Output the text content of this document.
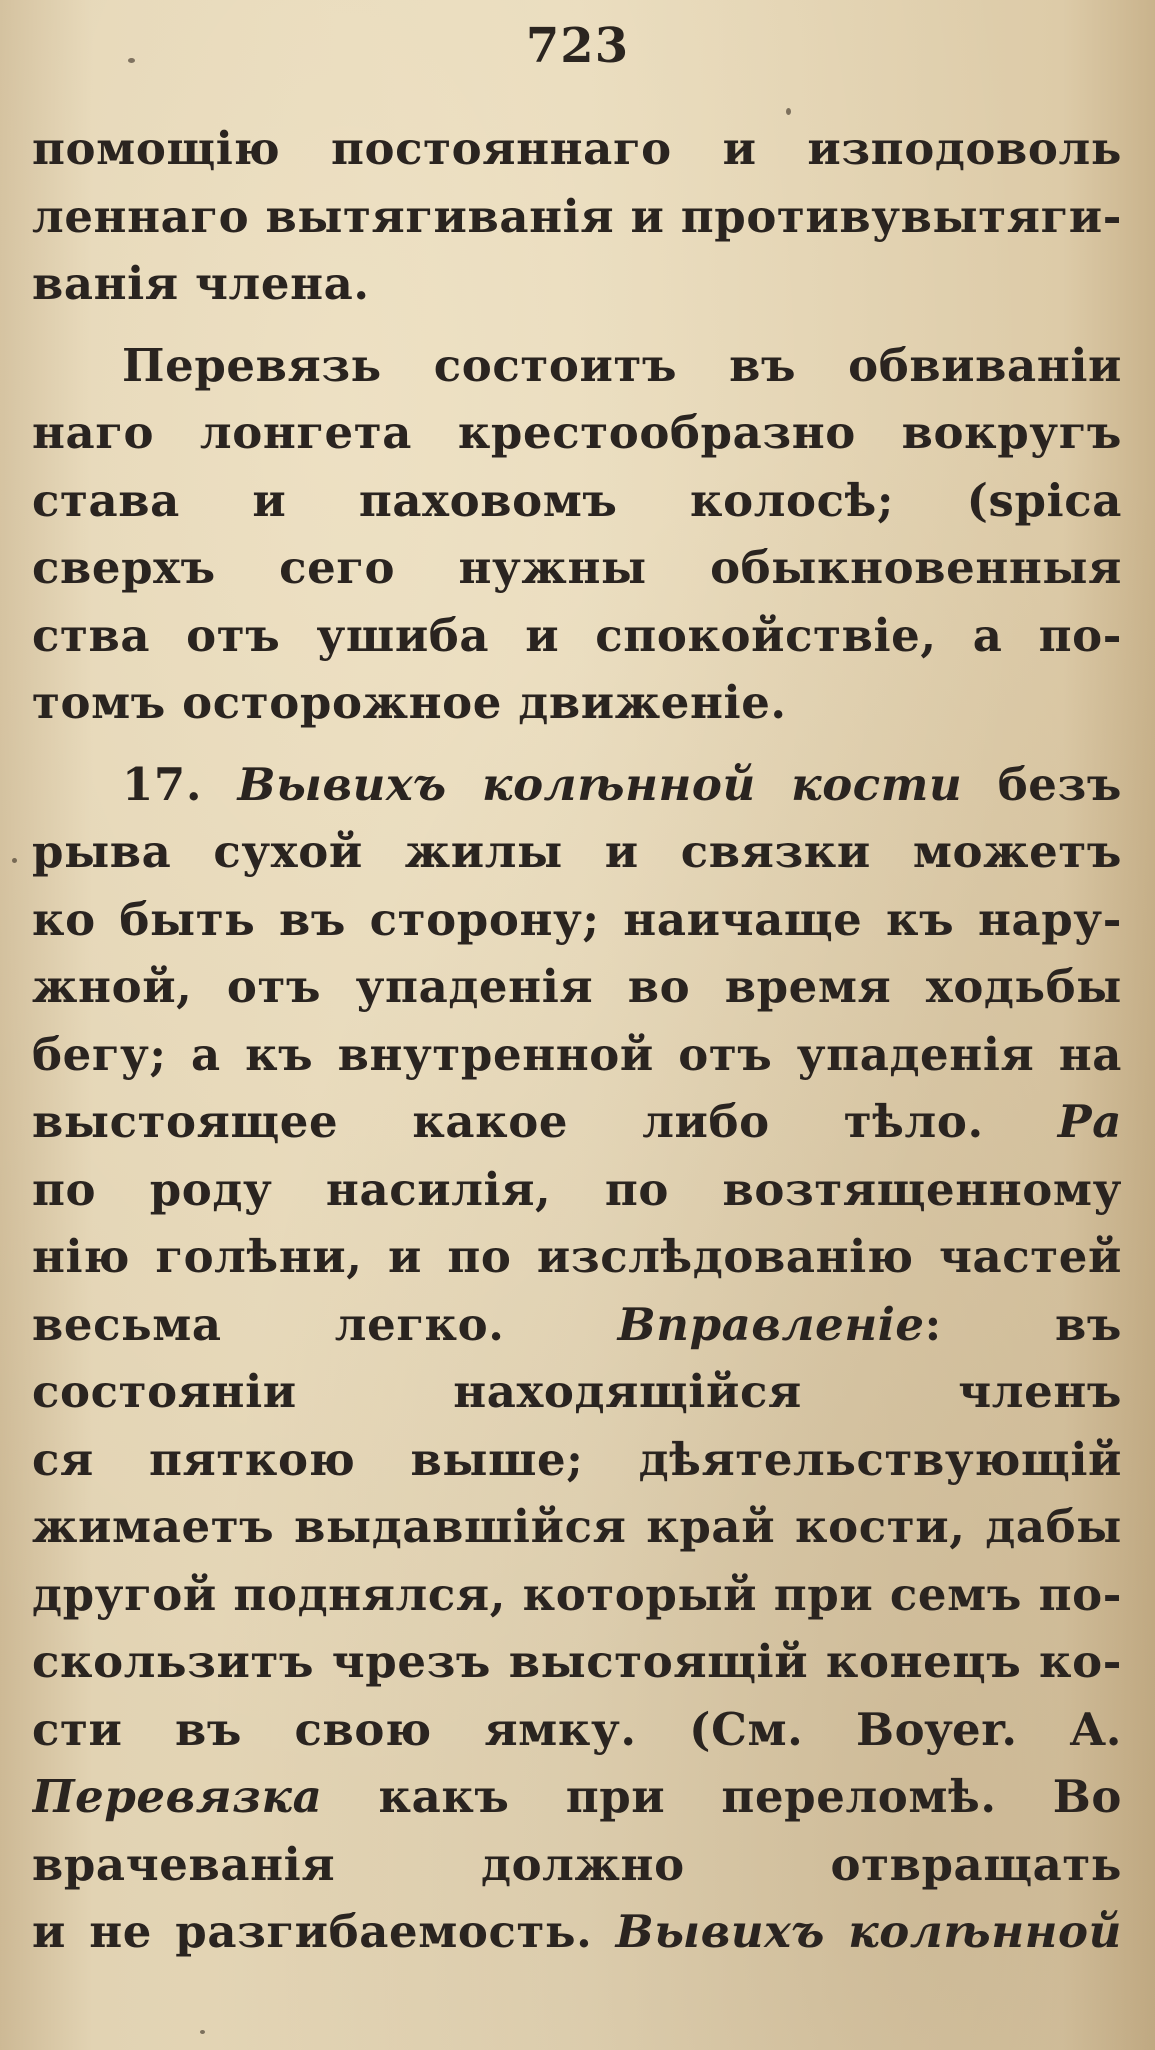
723
помощію постояннаго и изподоволь
леннаго вытягиванія и противувытяги-
ванія члена.
Перевязь состоитъ въ обвиваніи
наго лонгета крестообразно вокругъ
става и паховомъ колосѣ; (spica
сверхъ сего нужны обыкновенныя
ства отъ ушиба и спокойствіе, а по-
томъ осторожное движеніе.
17. Вывихъ колѣнной кости безъ
рыва сухой жилы и связки можетъ
ко быть въ сторону; наичаще къ нару-
жной, отъ упаденія во время ходьбы
бегу; а къ внутренной отъ упаденія на
выстоящее какое либо тѣло. Ра
по роду насилія, по возтященному
нію голѣни, и по изслѣдованію частей
весьма легко.	Вправленіе: въ
состояніи находящійся членъ
ся пяткою выше; дѣятельствующій
жимаетъ выдавшійся край кости, дабы
другой поднялся, который при семъ по-
скользитъ чрезъ выстоящій конецъ ко-
сти въ свою ямку. (См. Boyer. A.
Перевязка какъ при переломѣ. Во
врачеванія должно отвращать
и не разгибаемость. Вывихъ колѣнной
